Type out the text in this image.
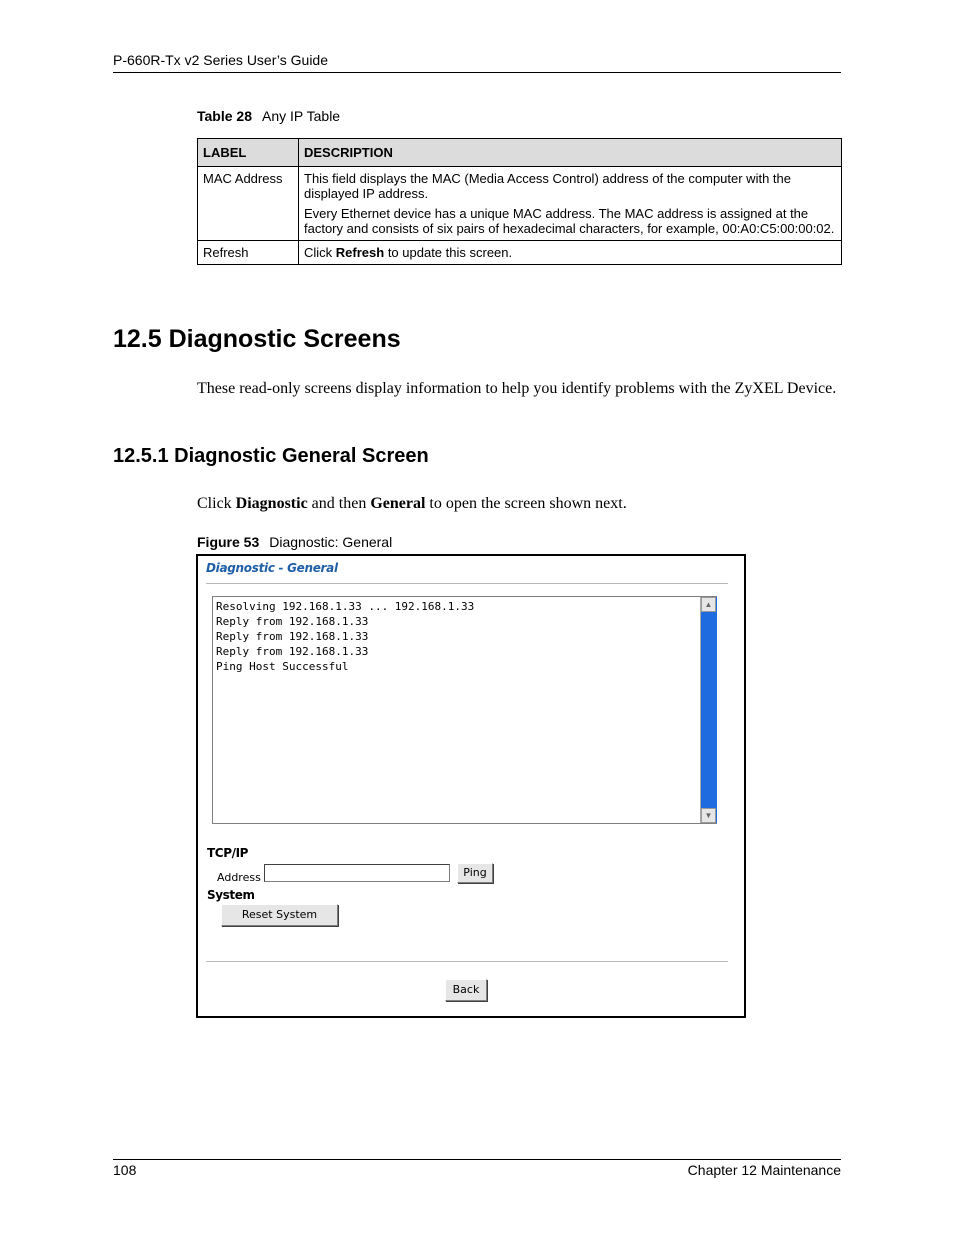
P-660R-Tx v2 Series User’s Guide
Table 28 Any IP Table
LABEL	DESCRIPTION
MAC Address	This field displays the MAC (Media Access Control) address of the computer with the displayed IP address.

Every Ethernet device has a unique MAC address. The MAC address is assigned at the factory and consists of six pairs of hexadecimal characters, for example, 00:A0:C5:00:00:02.

Refresh	Click Refresh to update this screen.
12.5 Diagnostic Screens

These read-only screens display information to help you identify problems with the ZyXEL Device.

12.5.1 Diagnostic General Screen

Click Diagnostic and then General to open the screen shown next.

Figure 53 Diagnostic: General
Diagnostic - General
Resolving 192.168.1.33 ... 192.168.1.33
Reply from 192.168.1.33
Reply from 192.168.1.33
Reply from 192.168.1.33
Ping Host Successful
▲
▼
TCP/IP
Address	Ping
System
Reset System
Back
108	Chapter 12 Maintenance
